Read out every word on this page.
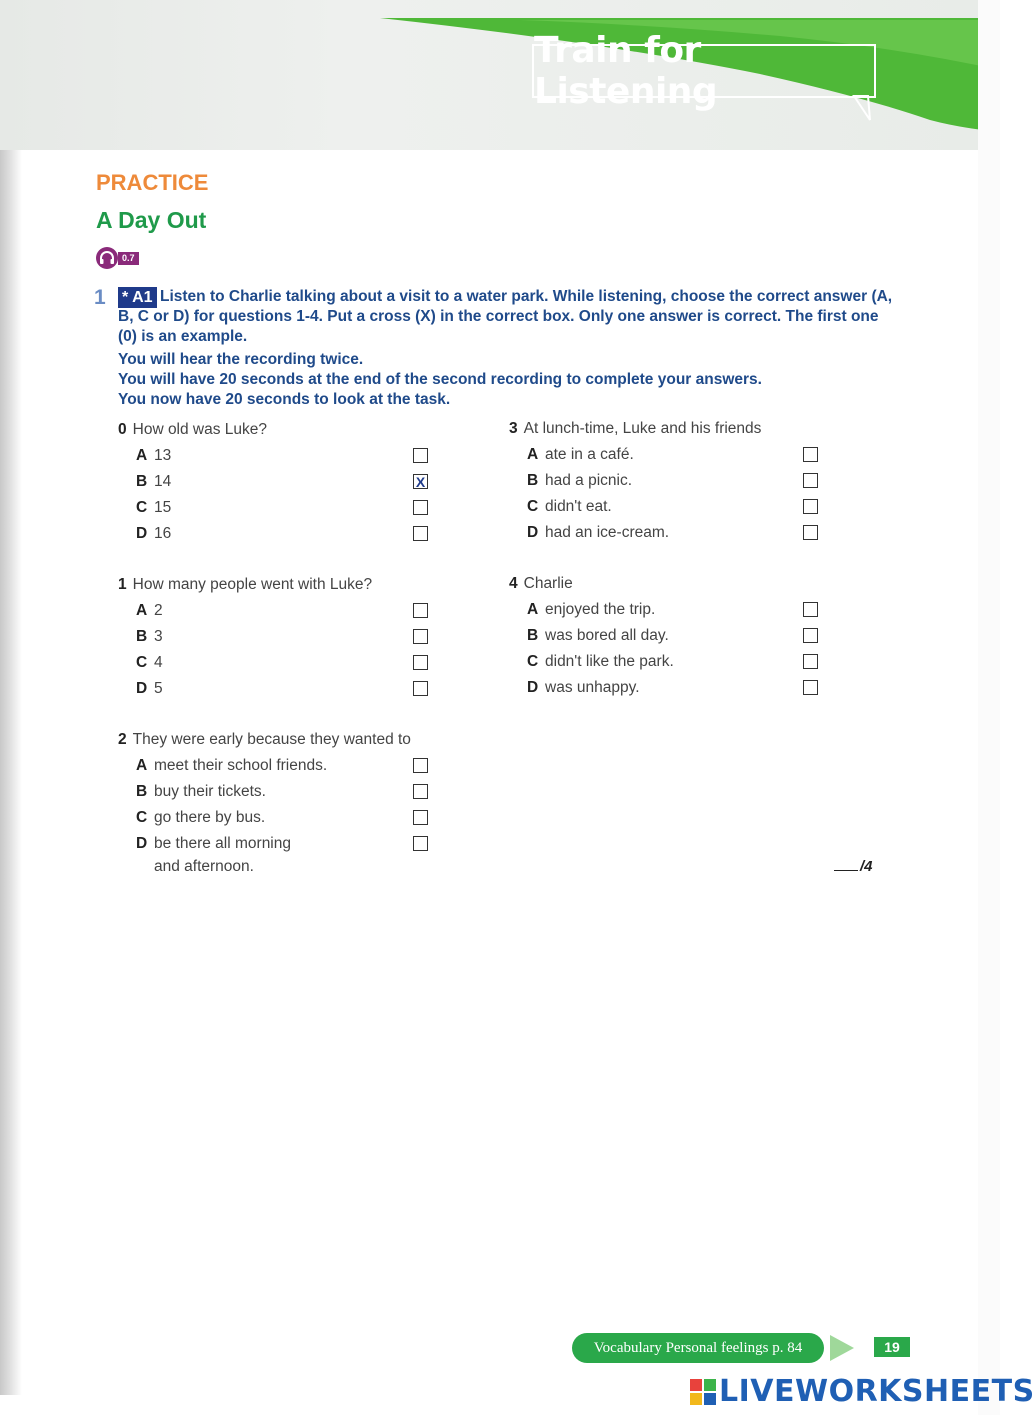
Train for Listening
PRACTICE
A Day Out
0.7
1 * A1 Listen to Charlie talking about a visit to a water park. While listening, choose the correct answer (A, B, C or D) for questions 1-4. Put a cross (X) in the correct box. Only one answer is correct. The first one (0) is an example.
You will hear the recording twice.
You will have 20 seconds at the end of the second recording to complete your answers.
You now have 20 seconds to look at the task.
0 How old was Luke?
A 13
B 14
C 15
D 16
X
1 How many people went with Luke?
A 2
B 3
C 4
D 5
2 They were early because they wanted to
A meet their school friends.
B buy their tickets.
C go there by bus.
D be there all morning
and afternoon.
3 At lunch-time, Luke and his friends
A ate in a café.
B had a picnic.
C didn't eat.
D had an ice-cream.
4 Charlie
A enjoyed the trip.
B was bored all day.
C didn't like the park.
D was unhappy.
/4
Vocabulary Personal feelings p. 84	19
LIVEWORKSHEETS
